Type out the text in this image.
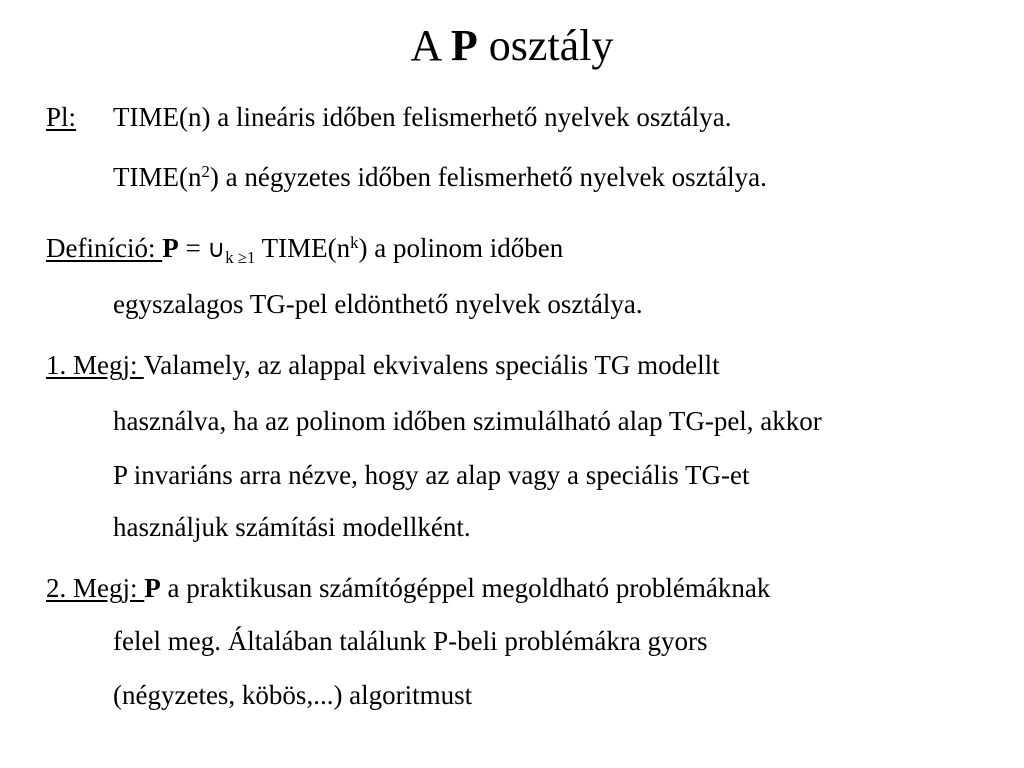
A P osztály
Pl: TIME(n) a lineáris időben felismerhető nyelvek osztálya.
$TIME(n^2)$ a négyzetes időben felismerhető nyelvek osztálya.
Definíció: $P = \cup_{k \ge 1}$ $TIME(n^k)$ a polinom időben
egyszalagos TG-pel eldönthető nyelvek osztálya.
1. Megj: Valamely, az alappal ekvivalens speciális TG modellt
használva, ha az polinom időben szimulálható alap TG-pel, akkor
P invariáns arra nézve, hogy az alap vagy a speciális TG-et
használjuk számítási modellként.
2. Megj: P a praktikusan számítógéppel megoldható problémáknak
felel meg. Általában találunk P-beli problémákra gyors
(négyzetes, köbös,...) algoritmust
